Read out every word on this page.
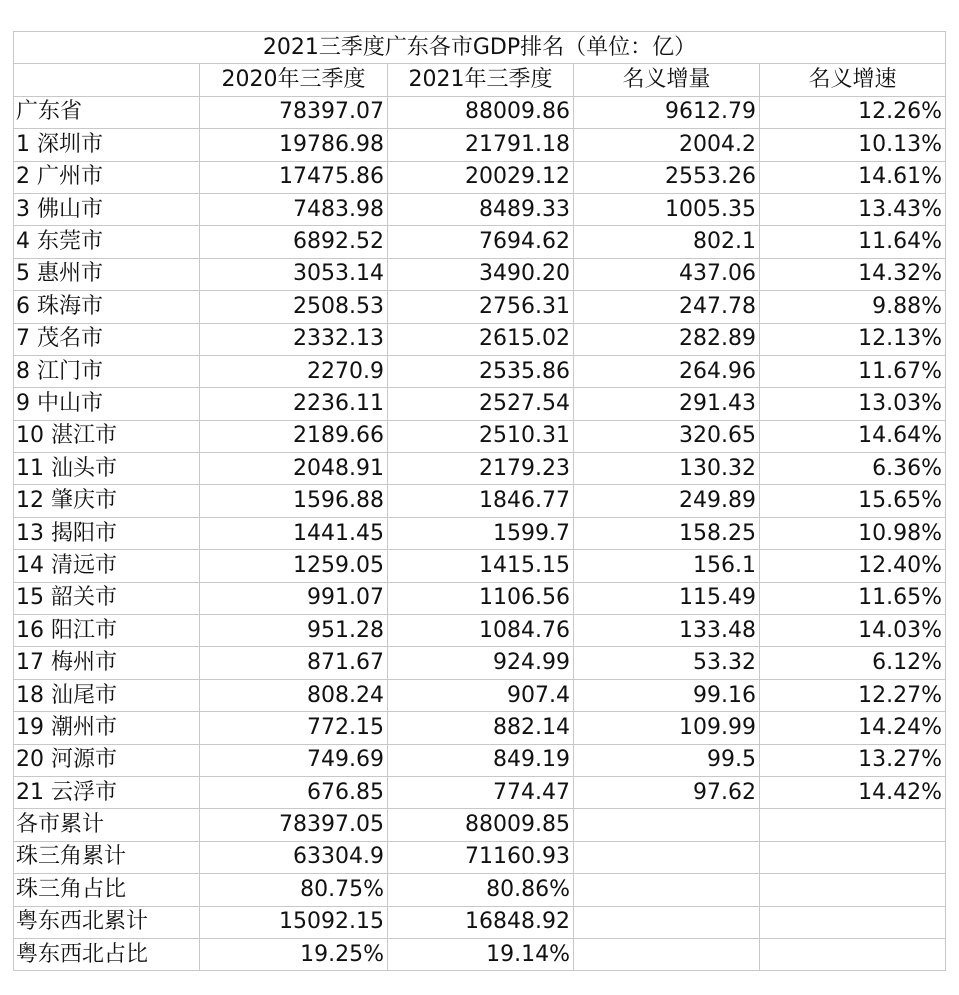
2021三季度广东各市GDP排名（单位：亿）				
	2020年三季度	2021年三季度	名义增量	名义增速
广东省	78397.07	88009.86	9612.79	12.26%
1 深圳市	19786.98	21791.18	2004.2	10.13%
2 广州市	17475.86	20029.12	2553.26	14.61%
3 佛山市	7483.98	8489.33	1005.35	13.43%
4 东莞市	6892.52	7694.62	802.1	11.64%
5 惠州市	3053.14	3490.20	437.06	14.32%
6 珠海市	2508.53	2756.31	247.78	9.88%
7 茂名市	2332.13	2615.02	282.89	12.13%
8 江门市	2270.9	2535.86	264.96	11.67%
9 中山市	2236.11	2527.54	291.43	13.03%
10 湛江市	2189.66	2510.31	320.65	14.64%
11 汕头市	2048.91	2179.23	130.32	6.36%
12 肇庆市	1596.88	1846.77	249.89	15.65%
13 揭阳市	1441.45	1599.7	158.25	10.98%
14 清远市	1259.05	1415.15	156.1	12.40%
15 韶关市	991.07	1106.56	115.49	11.65%
16 阳江市	951.28	1084.76	133.48	14.03%
17 梅州市	871.67	924.99	53.32	6.12%
18 汕尾市	808.24	907.4	99.16	12.27%
19 潮州市	772.15	882.14	109.99	14.24%
20 河源市	749.69	849.19	99.5	13.27%
21 云浮市	676.85	774.47	97.62	14.42%
各市累计	78397.05	88009.85		
珠三角累计	63304.9	71160.93		
珠三角占比	80.75%	80.86%		
粤东西北累计	15092.15	16848.92		
粤东西北占比	19.25%	19.14%		
